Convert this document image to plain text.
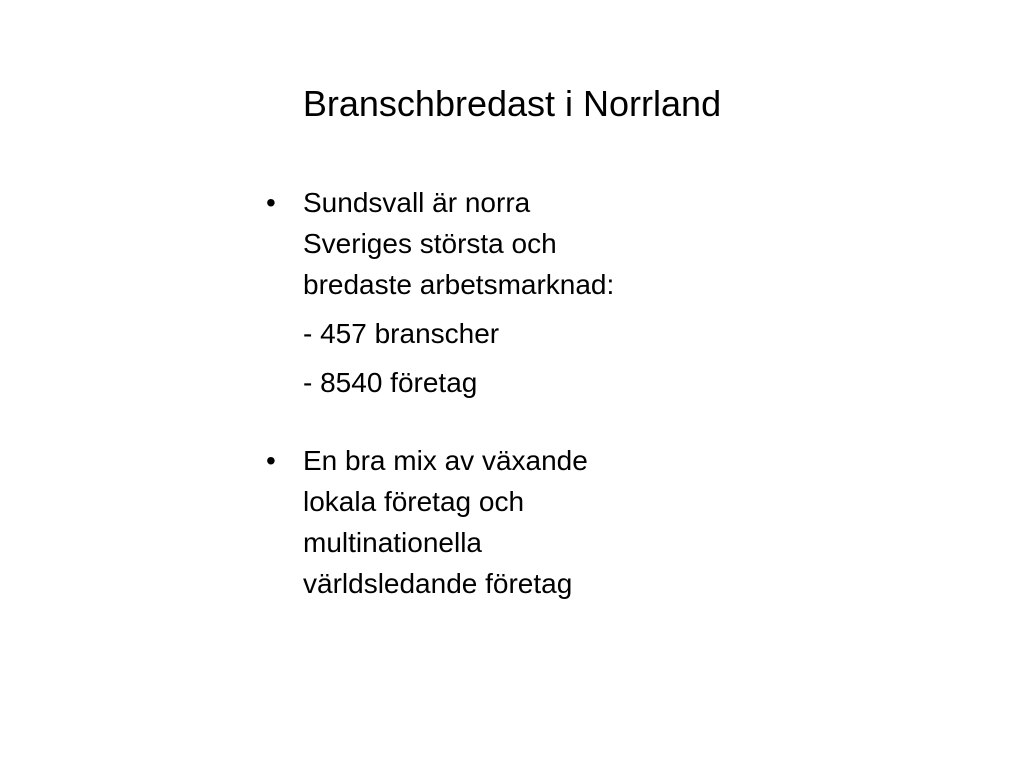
Branschbredast i Norrland
• Sundsvall är norra
Sveriges största och
bredaste arbetsmarknad:
- 457 branscher
- 8540 företag
• En bra mix av växande
lokala företag och
multinationella
världsledande företag
